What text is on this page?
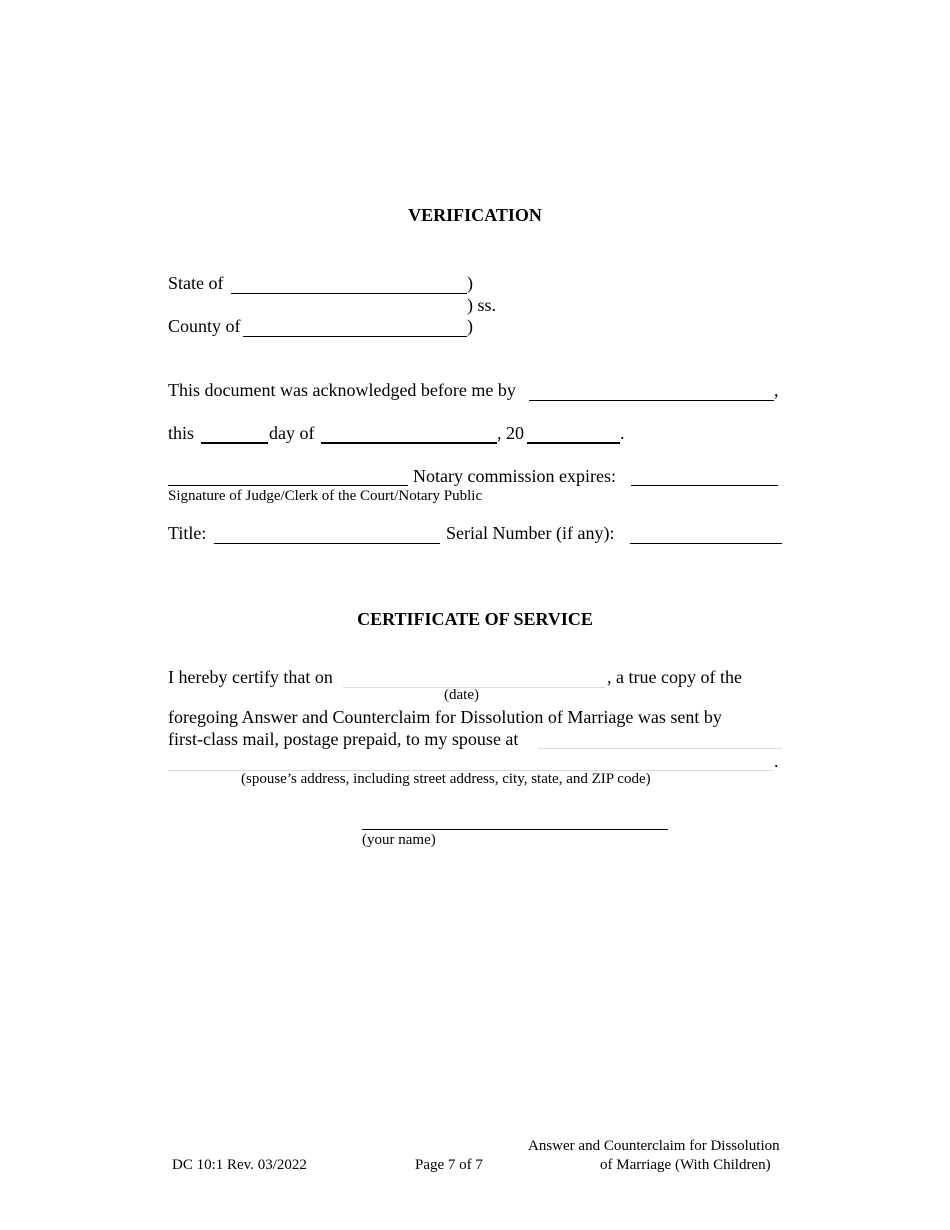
VERIFICATION
State of	)
) ss.
County of	)
This document was acknowledged before me by	,
this	day of	, 20	.
Notary commission expires:
Signature of Judge/Clerk of the Court/Notary Public
Title:	Serial Number (if any):
CERTIFICATE OF SERVICE
I hereby certify that on	, a true copy of the
(date)
foregoing Answer and Counterclaim for Dissolution of Marriage was sent by
first-class mail, postage prepaid, to my spouse at
.
(spouse’s address, including street address, city, state, and ZIP code)
(your name)
DC 10:1 Rev. 03/2022	Page 7 of 7
Answer and Counterclaim for Dissolution
of Marriage (With Children)
